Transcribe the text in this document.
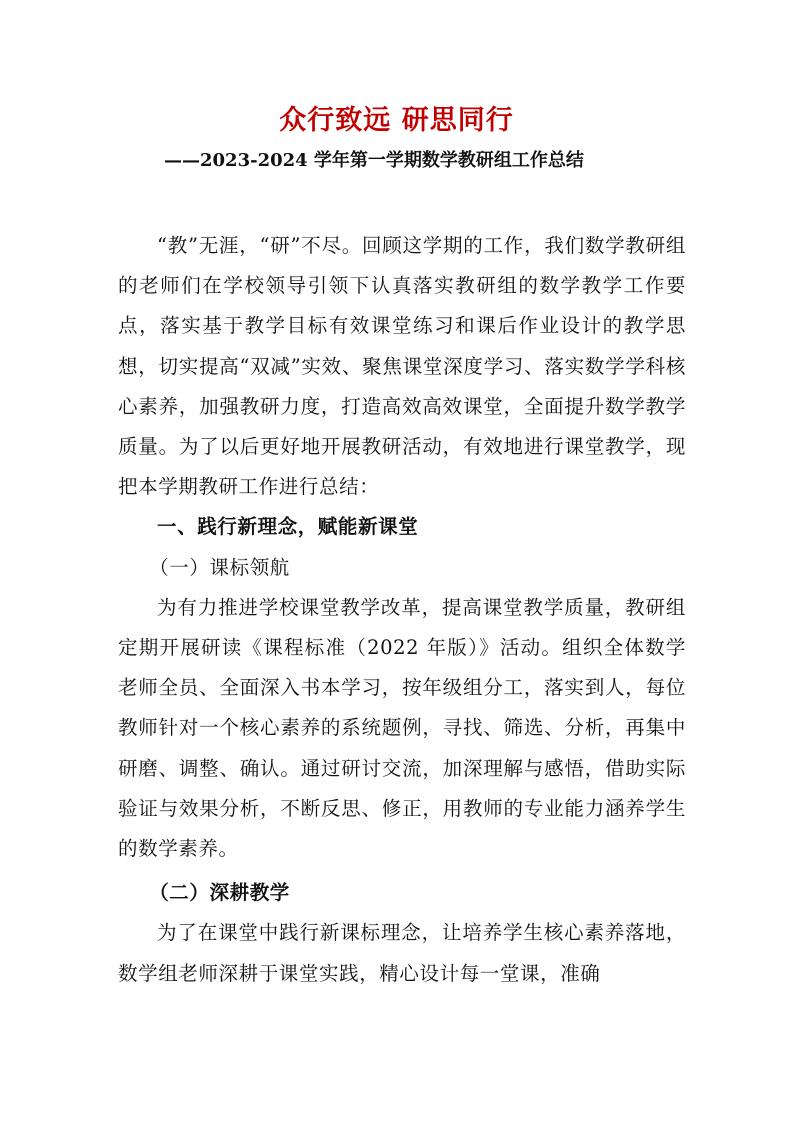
众行致远 研思同行
——2023-2024 学年第一学期数学教研组工作总结

“教”无涯，“研”不尽。回顾这学期的工作，我们数学教研组的老师们在学校领导引领下认真落实教研组的数学教学工作要点，落实基于教学目标有效课堂练习和课后作业设计的教学思想，切实提高“双减”实效、聚焦课堂深度学习、落实数学学科核心素养，加强教研力度，打造高效高效课堂，全面提升数学教学质量。为了以后更好地开展教研活动，有效地进行课堂教学，现把本学期教研工作进行总结：

一、践行新理念，赋能新课堂

（一）课标领航

为有力推进学校课堂教学改革，提高课堂教学质量，教研组定期开展研读《课程标准（2022 年版）》活动。组织全体数学老师全员、全面深入书本学习，按年级组分工，落实到人，每位教师针对一个核心素养的系统题例，寻找、筛选、分析，再集中研磨、调整、确认。通过研讨交流，加深理解与感悟，借助实际验证与效果分析，不断反思、修正，用教师的专业能力涵养学生的数学素养。

（二）深耕教学

为了在课堂中践行新课标理念，让培养学生核心素养落地，数学组老师深耕于课堂实践，精心设计每一堂课，准确
